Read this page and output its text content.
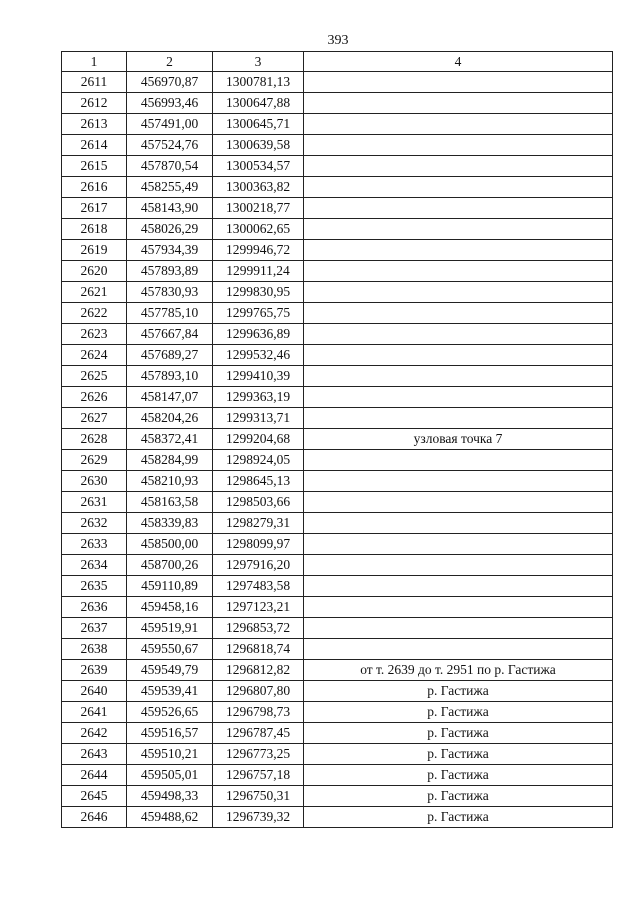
393
1	2	3	4
2611	456970,87	1300781,13	
2612	456993,46	1300647,88	
2613	457491,00	1300645,71	
2614	457524,76	1300639,58	
2615	457870,54	1300534,57	
2616	458255,49	1300363,82	
2617	458143,90	1300218,77	
2618	458026,29	1300062,65	
2619	457934,39	1299946,72	
2620	457893,89	1299911,24	
2621	457830,93	1299830,95	
2622	457785,10	1299765,75	
2623	457667,84	1299636,89	
2624	457689,27	1299532,46	
2625	457893,10	1299410,39	
2626	458147,07	1299363,19	
2627	458204,26	1299313,71	
2628	458372,41	1299204,68	узловая точка 7
2629	458284,99	1298924,05	
2630	458210,93	1298645,13	
2631	458163,58	1298503,66	
2632	458339,83	1298279,31	
2633	458500,00	1298099,97	
2634	458700,26	1297916,20	
2635	459110,89	1297483,58	
2636	459458,16	1297123,21	
2637	459519,91	1296853,72	
2638	459550,67	1296818,74	
2639	459549,79	1296812,82	от т. 2639 до т. 2951 по р. Гастижа
2640	459539,41	1296807,80	р. Гастижа
2641	459526,65	1296798,73	р. Гастижа
2642	459516,57	1296787,45	р. Гастижа
2643	459510,21	1296773,25	р. Гастижа
2644	459505,01	1296757,18	р. Гастижа
2645	459498,33	1296750,31	р. Гастижа
2646	459488,62	1296739,32	р. Гастижа
